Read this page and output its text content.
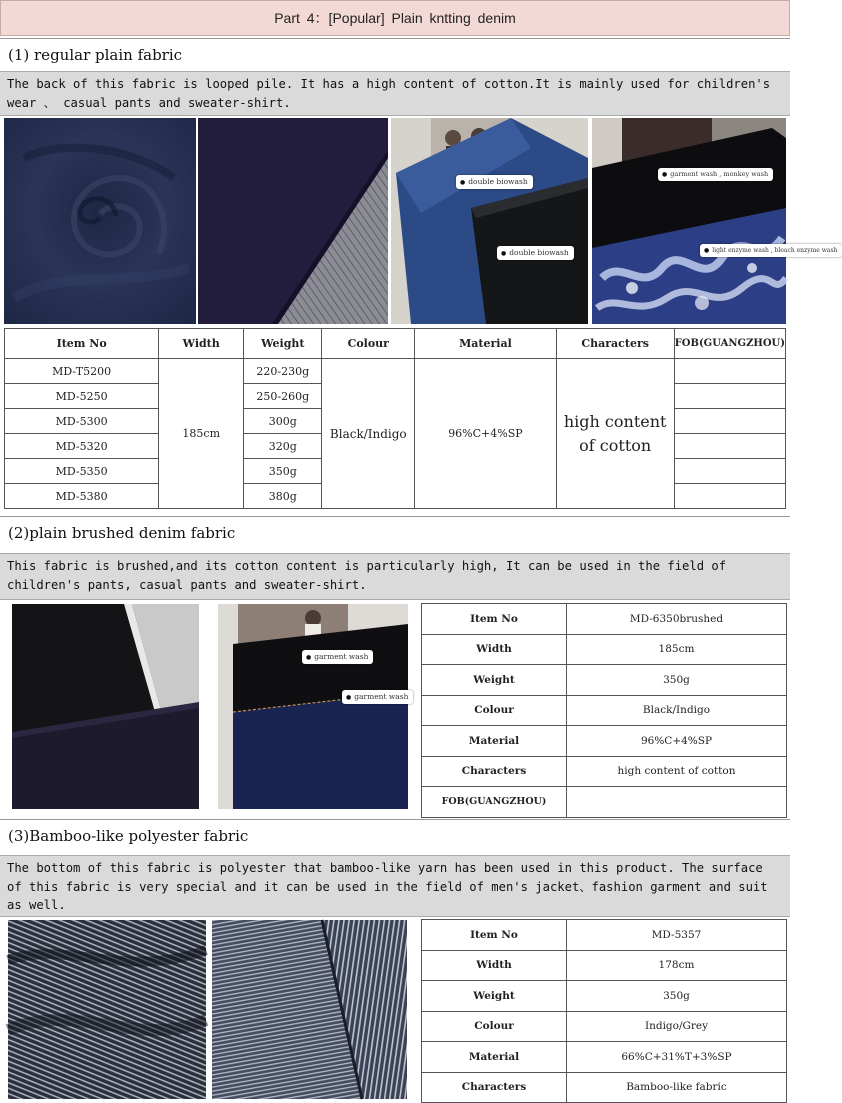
Part 4：[Popular] Plain kntting denim
(1) regular plain fabric
The back of this fabric is looped pile. It has a high content of cotton.It is mainly used for children's wear 、 casual pants and sweater-shirt.
● double biowash
● double biowash
● garment wash , monkey wash
● light enzyme wash , bleach enzyme wash
Item No	Width	Weight	Colour	Material	Characters	FOB(GUANGZHOU)
MD-T5200	185cm	220-230g	Black/Indigo	96%C+4%SP	high content of cotton	
MD-5250		250-260g				
MD-5300		300g				
MD-5320		320g				
MD-5350		350g				
MD-5380		380g				
(2)plain brushed denim fabric
This fabric is brushed,and its cotton content is particularly high, It can be used in the field of children's pants, casual pants and sweater-shirt.
● garment wash
● garment wash
Item No	MD-6350brushed
Width	185cm
Weight	350g
Colour	Black/Indigo
Material	96%C+4%SP
Characters	high content of cotton
FOB(GUANGZHOU)	
(3)Bamboo-like polyester fabric
The bottom of this fabric is polyester that bamboo-like yarn has been used in this product. The surface of this fabric is very special and it can be used in the field of men's jacket、fashion garment and suit as well.
Item No	MD-5357
Width	178cm
Weight	350g
Colour	Indigo/Grey
Material	66%C+31%T+3%SP
Characters	Bamboo-like fabric
